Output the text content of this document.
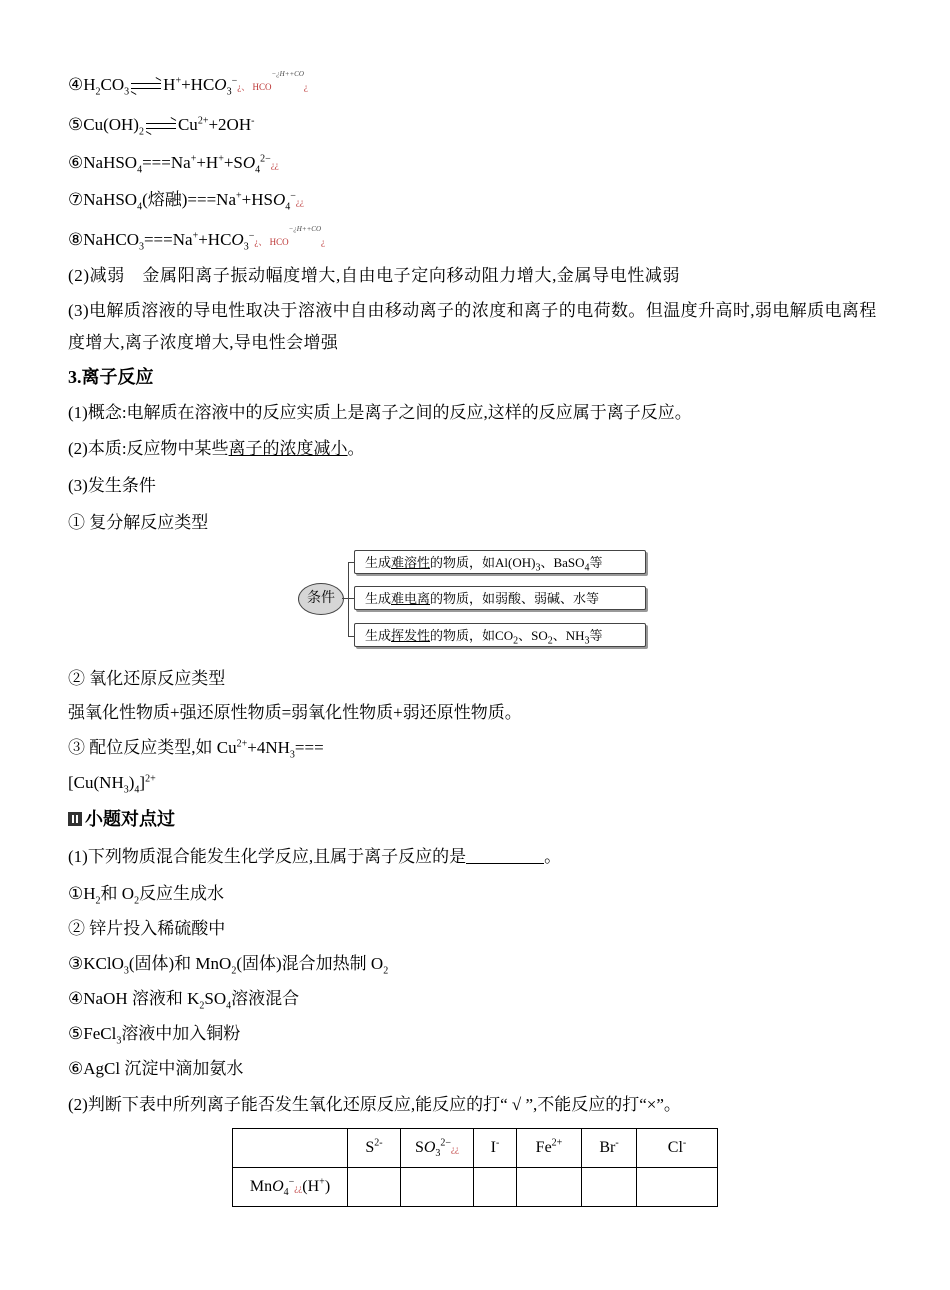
$④H_2CO_3$ $H^++HCO_3^-¿$、 $HCO^{-¿H++CO}¿$
$⑤Cu(OH)_2$ $Cu^{2+}+2OH^-$
$⑥NaHSO_4===Na^++H^++SO_4^{2-}¿¿$
⑦NaHSO$_4$(熔融)$===Na^++HSO_4^-¿¿$
$⑧NaHCO_3===Na^++HCO_3^-¿$、 $HCO^{-¿H++CO}¿$
(2)减弱　金属阳离子振动幅度增大,自由电子定向移动阻力增大,金属导电性减弱
(3)电解质溶液的导电性取决于溶液中自由移动离子的浓度和离子的电荷数。但温度升高时,弱电解质电离程度增大,离子浓度增大,导电性会增强
3.离子反应
(1)概念:电解质在溶液中的反应实质上是离子之间的反应,这样的反应属于离子反应。
(2)本质:反应物中某些离子的浓度减小。
(3)发生条件
① 复分解反应类型
条件
生成难溶性的物质，如$Al(OH)_3$、BaSO$_4$等
生成难电离的物质，如弱酸、弱碱、水等
生成挥发性的物质，如$CO_2$、$SO_2$、$NH_3$等
② 氧化还原反应类型
强氧化性物质+强还原性物质=弱氧化性物质+弱还原性物质。
③ 配位反应类型,如 $Cu^{2+}+4NH_3===$
$[Cu(NH_3)_4]^{2+}$
小题对点过
(1)下列物质混合能发生化学反应,且属于离子反应的是	。
$①H_2$和 $O_2$反应生成水
② 锌片投入稀硫酸中
③KClO$_3$(固体)和 MnO$_2$(固体)混合加热制 $O_2$
④NaOH 溶液和 $K_2SO_4$溶液混合
⑤FeCl$_3$溶液中加入铜粉
⑥AgCl 沉淀中滴加氨水
(2)判断下表中所列离子能否发生氧化还原反应,能反应的打“ √ ”,不能反应的打“×”。
	$S^{2-}$	$SO_3^{2-}¿¿$	I-	$Fe^{2+}$	Br-	Cl-
MnO$_4$−¿¿(H+)						
